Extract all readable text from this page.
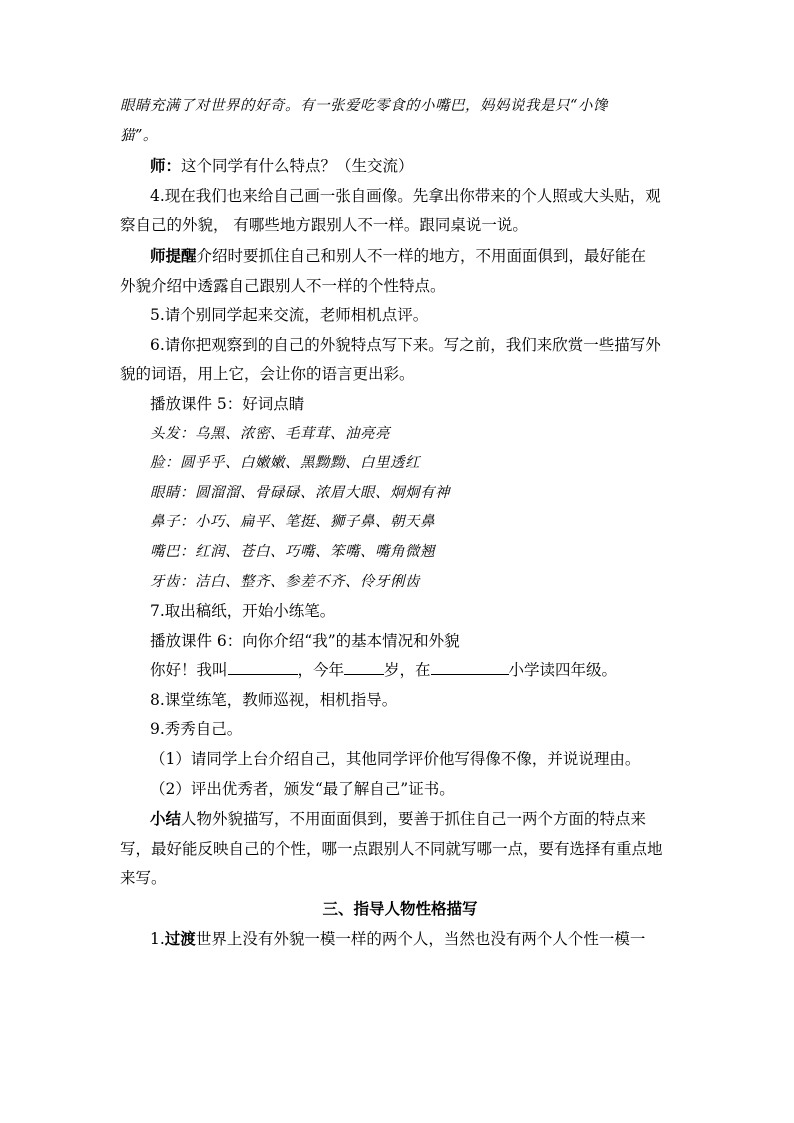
眼睛充满了对世界的好奇。有一张爱吃零食的小嘴巴，妈妈说我是只“小馋

猫”。

师：这个同学有什么特点？（生交流）

4.现在我们也来给自己画一张自画像。先拿出你带来的个人照或大头贴，观

察自己的外貌， 有哪些地方跟别人不一样。跟同桌说一说。

师提醒介绍时要抓住自己和别人不一样的地方，不用面面俱到，最好能在

外貌介绍中透露自己跟别人不一样的个性特点。

5.请个别同学起来交流，老师相机点评。

6.请你把观察到的自己的外貌特点写下来。写之前，我们来欣赏一些描写外

貌的词语，用上它，会让你的语言更出彩。

播放课件 5：好词点睛

头发：乌黑、浓密、毛茸茸、油亮亮

脸：圆乎乎、白嫩嫩、黑黝黝、白里透红

眼睛：圆溜溜、骨碌碌、浓眉大眼、炯炯有神

鼻子：小巧、扁平、笔挺、狮子鼻、朝天鼻

嘴巴：红润、苍白、巧嘴、笨嘴、嘴角微翘

牙齿：洁白、整齐、参差不齐、伶牙俐齿

7.取出稿纸，开始小练笔。

播放课件 6：向你介绍“我”的基本情况和外貌

你好！我叫	，今年	岁，在	小学读四年级。

8.课堂练笔，教师巡视，相机指导。

9.秀秀自己。

（1）请同学上台介绍自己，其他同学评价他写得像不像，并说说理由。

（2）评出优秀者，颁发“最了解自己”证书。

小结人物外貌描写，不用面面俱到，要善于抓住自己一两个方面的特点来

写，最好能反映自己的个性，哪一点跟别人不同就写哪一点，要有选择有重点地

来写。

三、指导人物性格描写

1.过渡世界上没有外貌一模一样的两个人，当然也没有两个人个性一模一
